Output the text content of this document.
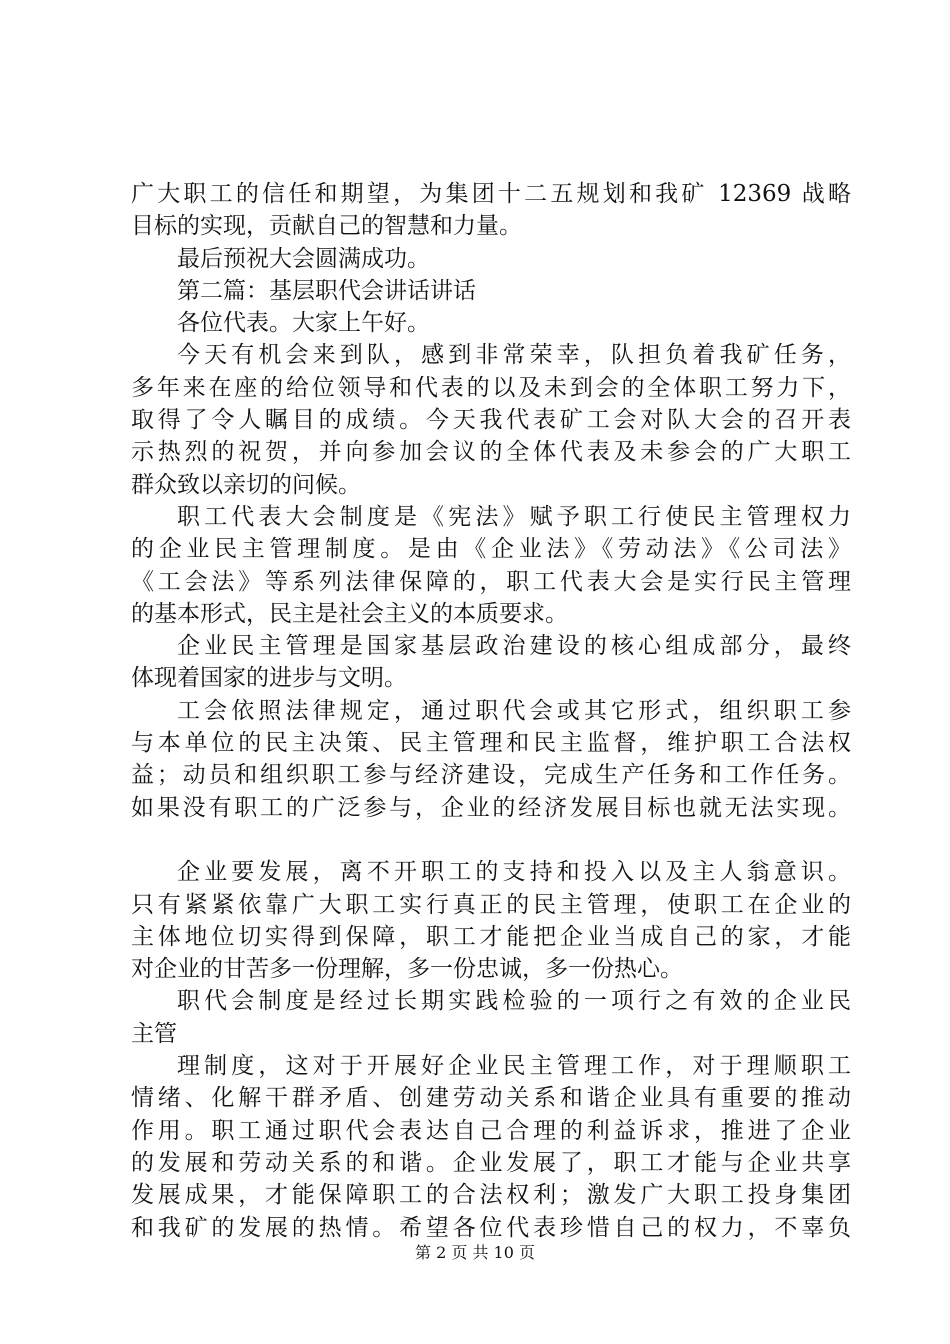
广大职工的信任和期望，为集团十二五规划和我矿 12369 战略
目标的实现，贡献自己的智慧和力量。
最后预祝大会圆满成功。
第二篇：基层职代会讲话讲话
各位代表。大家上午好。
今天有机会来到队，感到非常荣幸，队担负着我矿任务，
多年来在座的给位领导和代表的以及未到会的全体职工努力下，
取得了令人瞩目的成绩。今天我代表矿工会对队大会的召开表
示热烈的祝贺，并向参加会议的全体代表及未参会的广大职工
群众致以亲切的问候。
职工代表大会制度是《宪法》赋予职工行使民主管理权力
的企业民主管理制度。是由《企业法》《劳动法》《公司法》
《工会法》等系列法律保障的，职工代表大会是实行民主管理
的基本形式，民主是社会主义的本质要求。
企业民主管理是国家基层政治建设的核心组成部分，最终
体现着国家的进步与文明。
工会依照法律规定，通过职代会或其它形式，组织职工参
与本单位的民主决策、民主管理和民主监督，维护职工合法权
益；动员和组织职工参与经济建设，完成生产任务和工作任务。
如果没有职工的广泛参与，企业的经济发展目标也就无法实现。
企业要发展，离不开职工的支持和投入以及主人翁意识。
只有紧紧依靠广大职工实行真正的民主管理，使职工在企业的
主体地位切实得到保障，职工才能把企业当成自己的家，才能
对企业的甘苦多一份理解，多一份忠诚，多一份热心。
职代会制度是经过长期实践检验的一项行之有效的企业民
主管
理制度，这对于开展好企业民主管理工作，对于理顺职工
情绪、化解干群矛盾、创建劳动关系和谐企业具有重要的推动
作用。职工通过职代会表达自己合理的利益诉求，推进了企业
的发展和劳动关系的和谐。企业发展了，职工才能与企业共享
发展成果，才能保障职工的合法权利；激发广大职工投身集团
和我矿的发展的热情。希望各位代表珍惜自己的权力，不辜负
第 2 页 共 10 页
